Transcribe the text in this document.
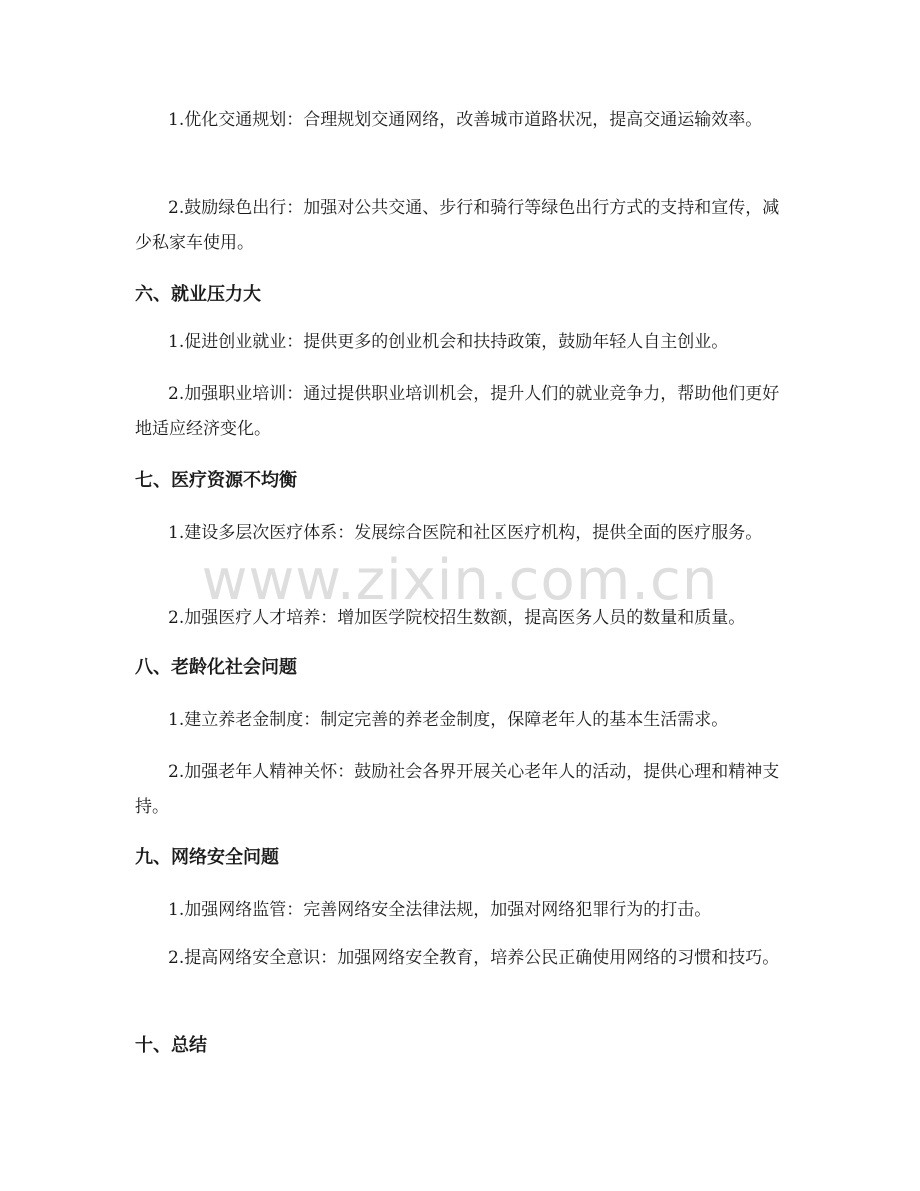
1.优化交通规划：合理规划交通网络，改善城市道路状况，提高交通运输效率。

2.鼓励绿色出行：加强对公共交通、步行和骑行等绿色出行方式的支持和宣传，减少私家车使用。

六、就业压力大

1.促进创业就业：提供更多的创业机会和扶持政策，鼓励年轻人自主创业。

2.加强职业培训：通过提供职业培训机会，提升人们的就业竞争力，帮助他们更好地适应经济变化。

七、医疗资源不均衡

1.建设多层次医疗体系：发展综合医院和社区医疗机构，提供全面的医疗服务。

2.加强医疗人才培养：增加医学院校招生数额，提高医务人员的数量和质量。

八、老龄化社会问题

1.建立养老金制度：制定完善的养老金制度，保障老年人的基本生活需求。

2.加强老年人精神关怀：鼓励社会各界开展关心老年人的活动，提供心理和精神支持。

九、网络安全问题

1.加强网络监管：完善网络安全法律法规，加强对网络犯罪行为的打击。

2.提高网络安全意识：加强网络安全教育，培养公民正确使用网络的习惯和技巧。

十、总结
www.zixin.com.cn
